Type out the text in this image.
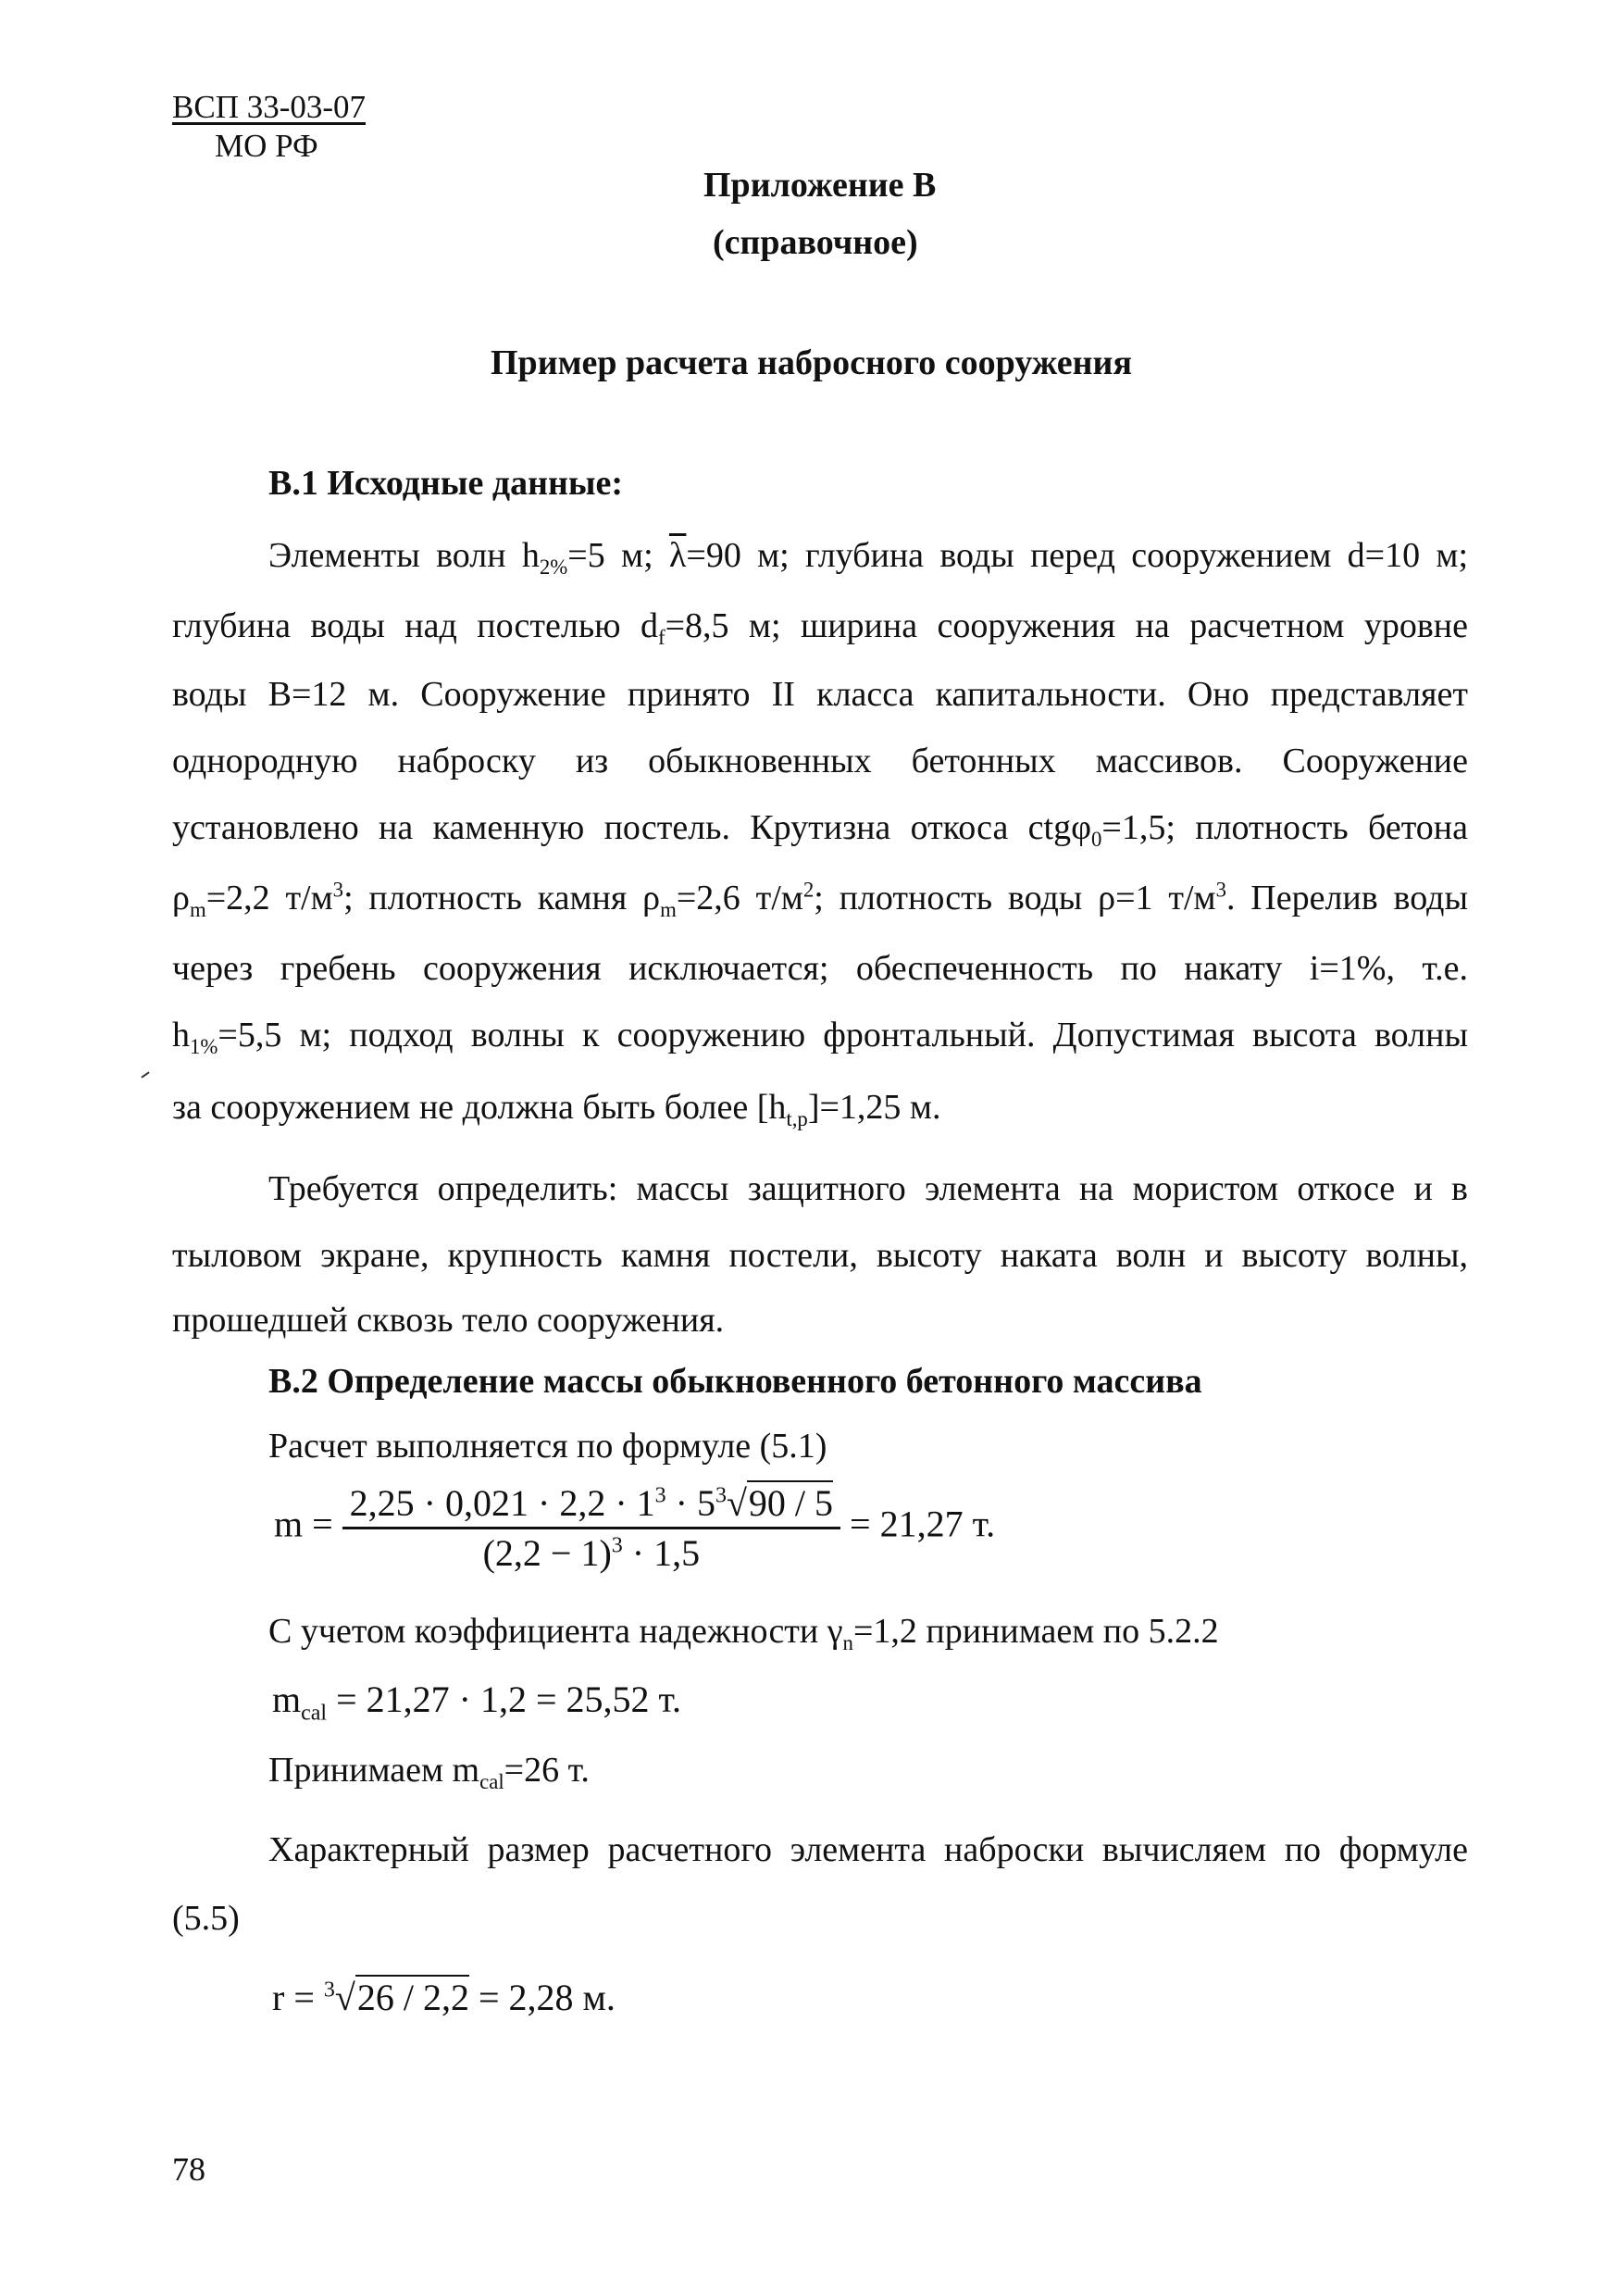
ВСП 33-03-07
МО РФ
Приложение В
(справочное)
Пример расчета набросного сооружения
В.1 Исходные данные:
Элементы волн $h_{2\%}=5$ м; $\overline{\lambda}=90$ м; глубина воды перед сооружением d=10 м;
глубина воды над постелью $d_f=8,5$ м; ширина сооружения на расчетном уровне
воды В=12 м. Сооружение принято II класса капитальности. Оно представляет
однородную наброску из обыкновенных бетонных массивов. Сооружение
установлено на каменную постель. Крутизна откоса ctgφ$_0$=1,5; плотность бетона
$\rho_m=2,2$ $т/м^3$; плотность камня $\rho_m=2,6$ $т/м^2$; плотность воды ρ=1 $т/м^3$. Перелив воды
через гребень сооружения исключается; обеспеченность по накату i=1%, т.е.
$h_{1\%}=5,5$ м; подход волны к сооружению фронтальный. Допустимая высота волны
за сооружением не должна быть более $[h_{t,p}]=1,25$ м.
Требуется определить: массы защитного элемента на мористом откосе и в
тыловом экране, крупность камня постели, высоту наката волн и высоту волны,
прошедшей сквозь тело сооружения.
В.2 Определение массы обыкновенного бетонного массива
Расчет выполняется по формуле (5.1)
$m = \frac{2,25 \cdot 0,021 \cdot 2,2 \cdot 1^3 \cdot 5^3√90 / 5}{(2,2 - 1)^3 \cdot 1,5} = 21,27$ т.
С учетом коэффициента надежности $\gamma_n=1,2$ принимаем по 5.2.2
$m_{cal} = 21,27 \cdot 1,2 = 25,52$ т.
Принимаем $m_{cal}=26$ т.
Характерный размер расчетного элемента наброски вычисляем по формуле
(5.5)
r = $^3$√26 / 2,2 = 2,28 м.
78
